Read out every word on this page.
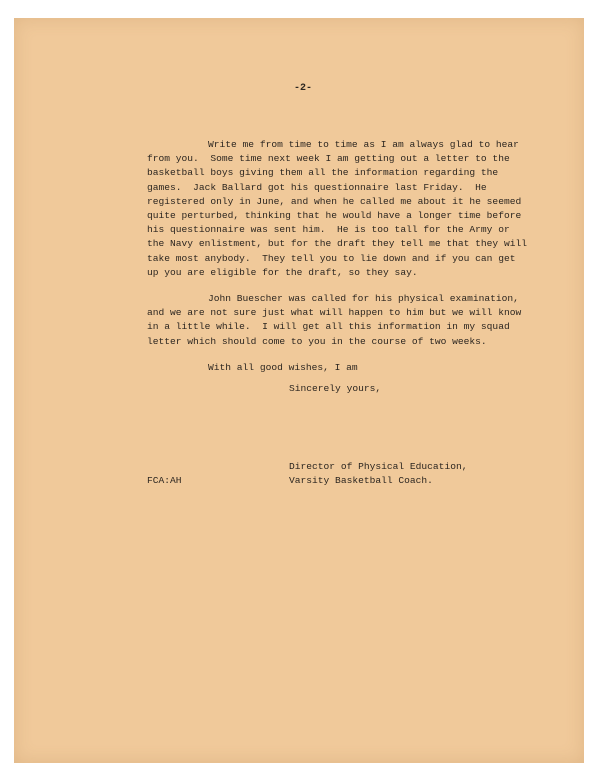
-2-
Write me from time to time as I am always glad to hear
from you.  Some time next week I am getting out a letter to the
basketball boys giving them all the information regarding the
games.  Jack Ballard got his questionnaire last Friday.  He
registered only in June, and when he called me about it he seemed
quite perturbed, thinking that he would have a longer time before
his questionnaire was sent him.  He is too tall for the Army or
the Navy enlistment, but for the draft they tell me that they will
take most anybody.  They tell you to lie down and if you can get
up you are eligible for the draft, so they say.
John Buescher was called for his physical examination,
and we are not sure just what will happen to him but we will know
in a little while.  I will get all this information in my squad
letter which should come to you in the course of two weeks.
With all good wishes, I am
Sincerely yours,
Director of Physical Education,
Varsity Basketball Coach.
FCA:AH
